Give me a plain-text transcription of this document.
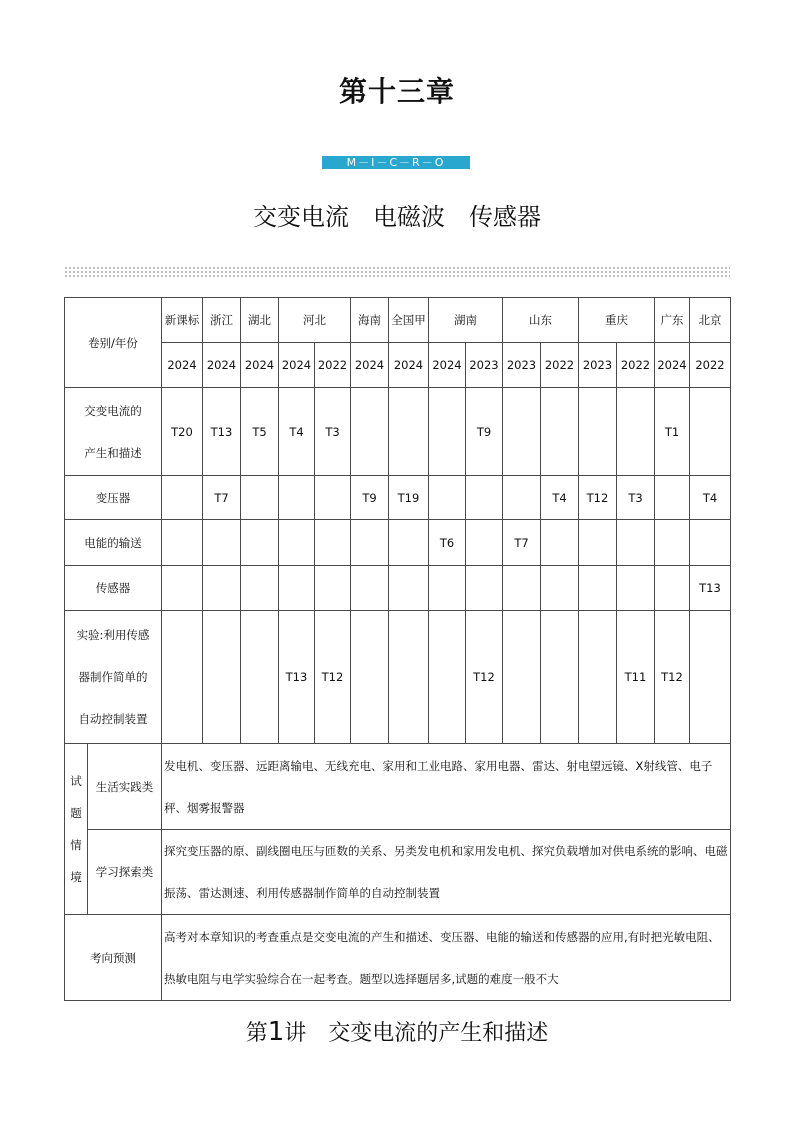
第十三章
M－I－C－R－O
交变电流　电磁波　传感器
卷别/年份		新课标	浙江	湖北	河北		海南	全国甲	湖南		山东		重庆		广东	北京
		2024	2024	2024	2024	2022	2024	2024	2024	2023	2023	2022	2023	2022	2024	2022

交变电流的
产生和描述		T20	T13	T5	T4	T3				T9					T1	

变压器			T7				T9	T19				T4	T12	T3		T4

电能的输送									T6		T7					

传感器																T13

实验:利用传感
器制作简单的
自动控制装置					T13	T12				T12				T11	T12	

试
题
情
境	生活实践类	发电机、变压器、远距离输电、无线充电、家用和工业电路、家用电器、雷达、射电望远镜、X射线管、电子秤、烟雾报警器														
	学习探索类	探究变压器的原、副线圈电压与匝数的关系、另类发电机和家用发电机、探究负载增加对供电系统的影响、电磁振荡、雷达测速、利用传感器制作简单的自动控制装置														
考向预测		高考对本章知识的考查重点是交变电流的产生和描述、变压器、电能的输送和传感器的应用,有时把光敏电阻、热敏电阻与电学实验综合在一起考查。题型以选择题居多,试题的难度一般不大														
第1讲　交变电流的产生和描述
